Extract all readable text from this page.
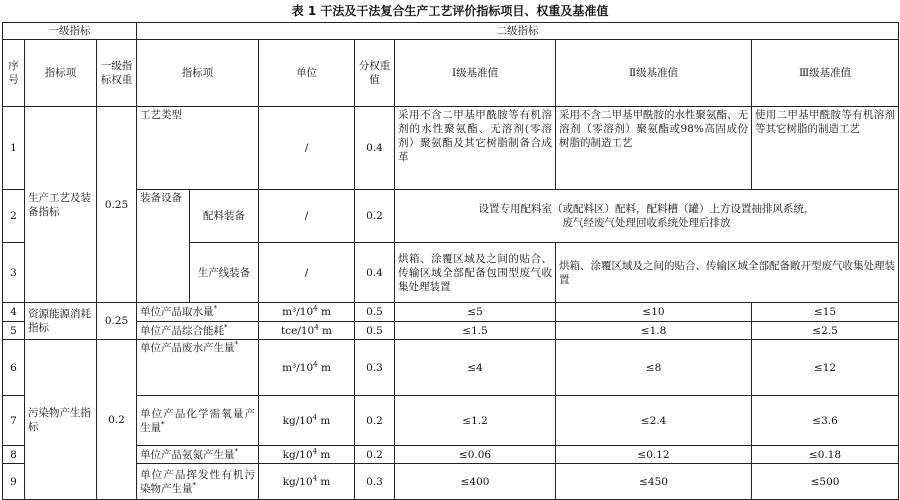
表 1 干法及干法复合生产工艺评价指标项目、权重及基准值
一级指标			二级指标						
序号	指标项	一级指标权重	指标项		单位	分权重值	Ⅰ级基准值	Ⅱ级基准值	Ⅲ级基准值
1	生产工艺及装备指标	0.25	工艺类型		/	0.4	采用不含二甲基甲酰胺等有机溶剂的水性聚氨酯、无溶剂(零溶剂）聚氨酯及其它树脂制备合成革	采用不含二甲基甲酰胺的水性聚氨酯、无溶剂（零溶剂）聚氨酯或98%高固成份树脂的制造工艺	使用二甲基甲酰胺等有机溶剂等其它树脂的制造工艺
2			装备设备	配料装备	/	0.2	设置专用配料室（或配料区）配料，配料槽（罐）上方设置抽排风系统，
废气经废气处理回收系统处理后排放		

3				生产线装备	/	0.4	烘箱、涂覆区域及之间的贴合、传输区域全部配备包围型废气收集处理装置	烘箱、涂覆区域及之间的贴合、传输区域全部配备敞开型废气收集处理装置	
4	资源能源消耗指标	0.25	单位产品取水量*		$m^3/10^4$ m	0.5	≤5	≤10	≤15
5			单位产品综合能耗*		tce/$10^4$ m	0.5	≤1.5	≤1.8	≤2.5
6	污染物产生指标	0.2	单位产品废水产生量*		$m^3/10^4$ m	0.3	≤4	≤8	≤12
7			单位产品化学需氧量产生量*		$kg/10^4$ m	0.2	≤1.2	≤2.4	≤3.6
8			单位产品氨氮产生量*		$kg/10^4$ m	0.2	≤0.06	≤0.12	≤0.18
9			单位产品挥发性有机污染物产生量*		$kg/10^4$ m	0.3	≤400	≤450	≤500
